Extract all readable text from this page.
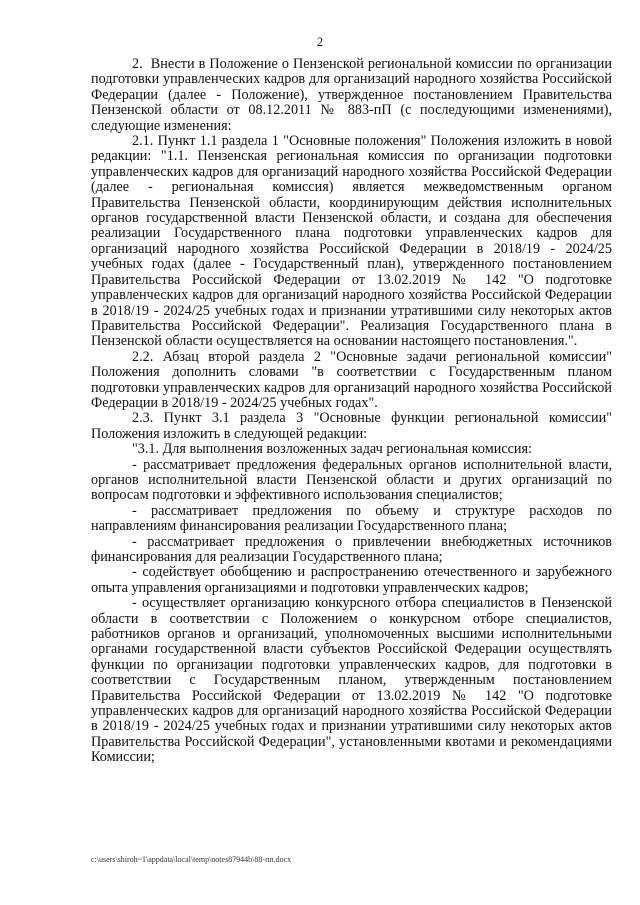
2

2.  Внести в Положение о Пензенской региональной комиссии по организации подготовки управленческих кадров для организаций народного хозяйства Российской Федерации (далее - Положение), утвержденное постановлением Правительства Пензенской области от 08.12.2011 № 883-пП (с последующими изменениями), следующие изменения:

2.1. Пункт 1.1 раздела 1 "Основные положения" Положения изложить в новой редакции: "1.1. Пензенская региональная комиссия по организации подготовки управленческих кадров для организаций народного хозяйства Российской Федерации (далее - региональная комиссия) является межведомственным органом Правительства Пензенской области, координирующим действия исполнительных органов государственной власти Пензенской области, и создана для обеспечения реализации Государственного плана подготовки управленческих кадров для организаций народного хозяйства Российской Федерации в 2018/19 - 2024/25 учебных годах (далее - Государственный план), утвержденного постановлением Правительства Российской Федерации от 13.02.2019 № 142 "О подготовке управленческих кадров для организаций народного хозяйства Российской Федерации в 2018/19 - 2024/25 учебных годах и признании утратившими силу некоторых актов Правительства Российской Федерации". Реализация Государственного плана в Пензенской области осуществляется на основании настоящего постановления.".

2.2. Абзац второй раздела 2 "Основные задачи региональной комиссии" Положения дополнить словами "в соответствии с Государственным планом подготовки управленческих кадров для организаций народного хозяйства Российской Федерации в 2018/19 - 2024/25 учебных годах".

2.3. Пункт 3.1 раздела 3 "Основные функции региональной комиссии" Положения изложить в следующей редакции:

"3.1. Для выполнения возложенных задач региональная комиссия:

- рассматривает предложения федеральных органов исполнительной власти, органов исполнительной власти Пензенской области и других организаций по вопросам подготовки и эффективного использования специалистов;

- рассматривает предложения по объему и структуре расходов по направлениям финансирования реализации Государственного плана;

- рассматривает предложения о привлечении внебюджетных источников финансирования для реализации Государственного плана;

- содействует обобщению и распространению отечественного и зарубежного опыта управления организациями и подготовки управленческих кадров;

- осуществляет организацию конкурсного отбора специалистов в Пензенской области в соответствии с Положением о конкурсном отборе специалистов, работников органов и организаций, уполномоченных высшими исполнительными органами государственной власти субъектов Российской Федерации осуществлять функции по организации подготовки управленческих кадров, для подготовки в соответствии с Государственным планом, утвержденным постановлением Правительства Российской Федерации от 13.02.2019 № 142 "О подготовке управленческих кадров для организаций народного хозяйства Российской Федерации в 2018/19 - 2024/25 учебных годах и признании утратившими силу некоторых актов Правительства Российской Федерации", установленными квотами и рекомендациями Комиссии;

c:\users\shiroh~1\appdata\local\temp\notes87944b\88-пп.docx
